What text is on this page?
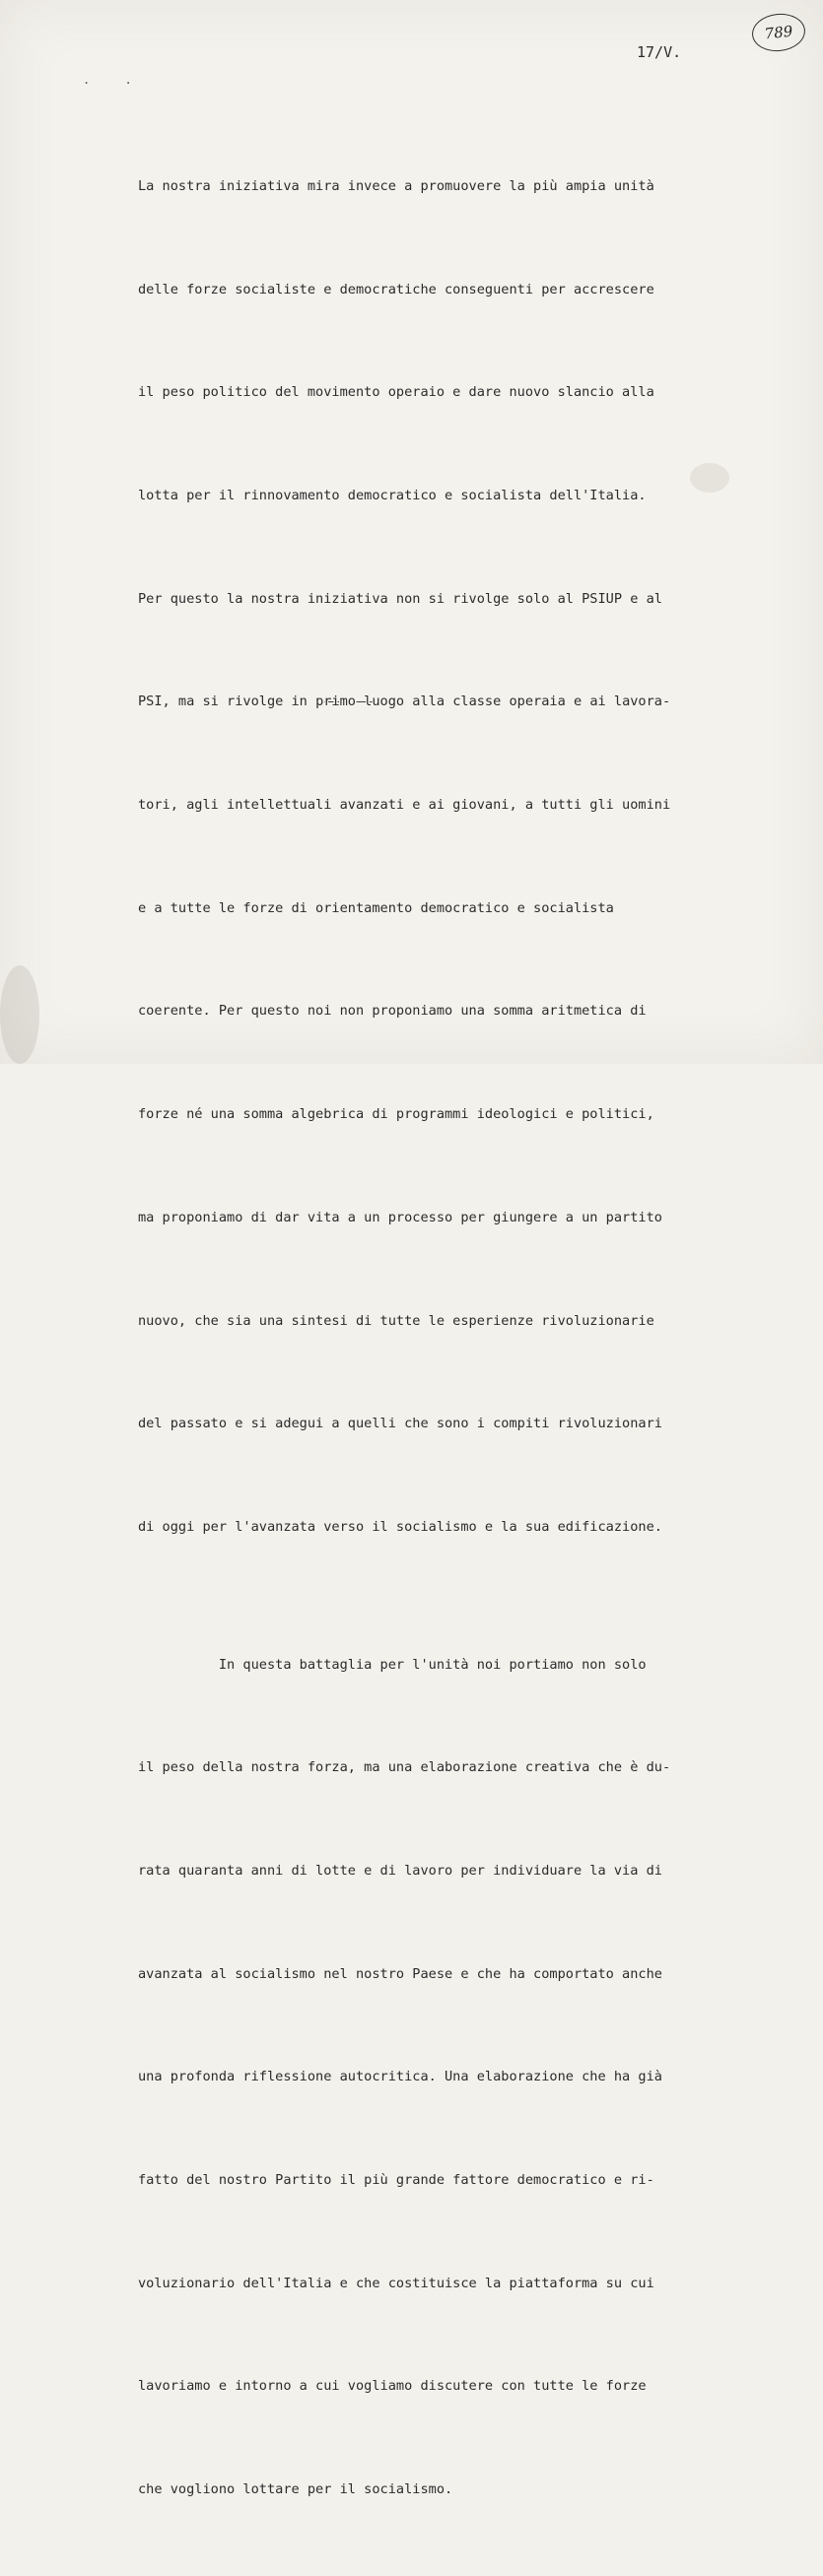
. .
17/V.
789

La nostra iniziativa mira invece a promuovere la più ampia unità

delle forze socialiste e democratiche conseguenti per accrescere

il peso politico del movimento operaio e dare nuovo slancio alla

lotta per il rinnovamento democratico e socialista dell'Italia.

Per questo la nostra iniziativa non si rivolge solo al PSIUP e al

PSI, ma si rivolge in primo luogo alla classe operaia e ai lavora-

tori, agli intellettuali avanzati e ai giovani, a tutti gli uomini

e a tutte le forze di orientamento democratico e socialista

coerente. Per questo noi non proponiamo una somma aritmetica di

forze né una somma algebrica di programmi ideologici e politici,

ma proponiamo di dar vita a un processo per giungere a un partito

nuovo, che sia una sintesi di tutte le esperienze rivoluzionarie

del passato e si adegui a quelli che sono i compiti rivoluzionari

di oggi per l'avanzata verso il socialismo e la sua edificazione.

In questa battaglia per l'unità noi portiamo non solo

il peso della nostra forza, ma una elaborazione creativa che è du-

rata quaranta anni di lotte e di lavoro per individuare la via di

avanzata al socialismo nel nostro Paese e che ha comportato anche

una profonda riflessione autocritica. Una elaborazione che ha già

fatto del nostro Partito il più grande fattore democratico e ri-

voluzionario dell'Italia e che costituisce la piattaforma su cui

lavoriamo e intorno a cui vogliamo discutere con tutte le forze

che vogliono lottare per il socialismo.
